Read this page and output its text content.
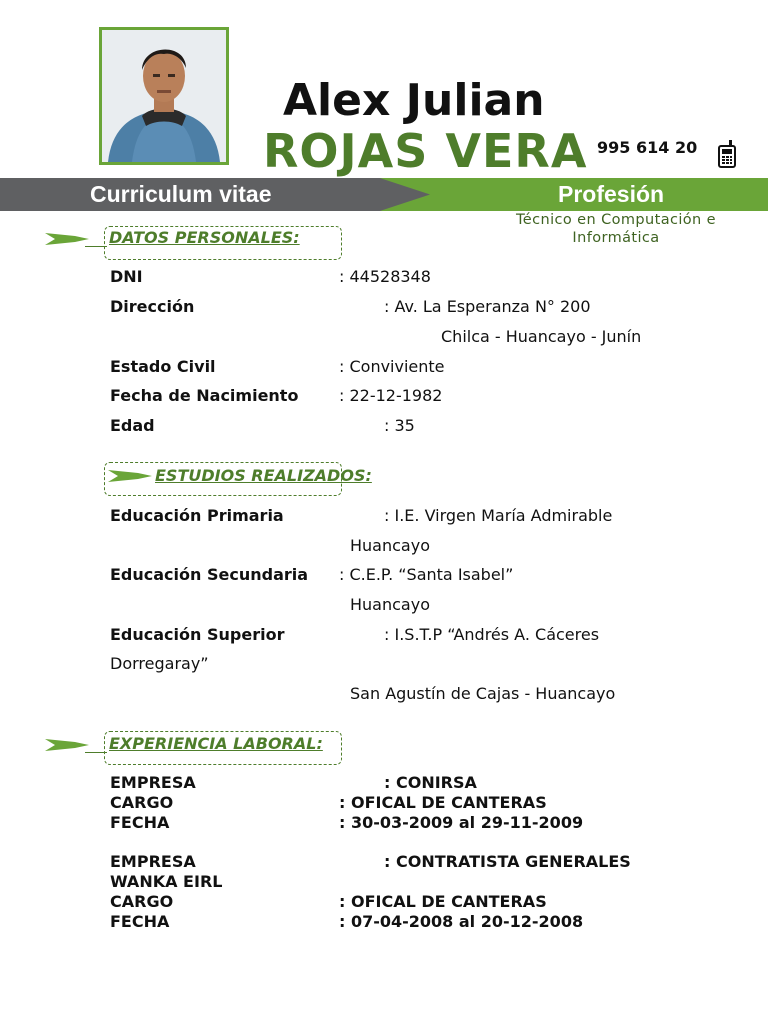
Alex Julian
ROJAS VERA 995 614 20
Curriculum vitae	Profesión
Técnico en Computación e Informática
DATOS PERSONALES:
DNI	: 44528348
Dirección	: Av. La Esperanza N° 200
Chilca - Huancayo - Junín
Estado Civil	: Conviviente
Fecha de Nacimiento	: 22-12-1982
Edad	: 35
ESTUDIOS REALIZADOS:
Educación Primaria	: I.E. Virgen María Admirable
Huancayo
Educación Secundaria : C.E.P. “Santa Isabel”
Huancayo
Educación Superior	: I.S.T.P “Andrés A. Cáceres
Dorregaray”
San Agustín de Cajas - Huancayo
EXPERIENCIA LABORAL:
EMPRESA	: CONIRSA
CARGO	: OFICAL DE CANTERAS
FECHA	: 30-03-2009 al 29-11-2009
EMPRESA	: CONTRATISTA GENERALES
WANKA EIRL
CARGO	: OFICAL DE CANTERAS
FECHA	: 07-04-2008 al 20-12-2008
